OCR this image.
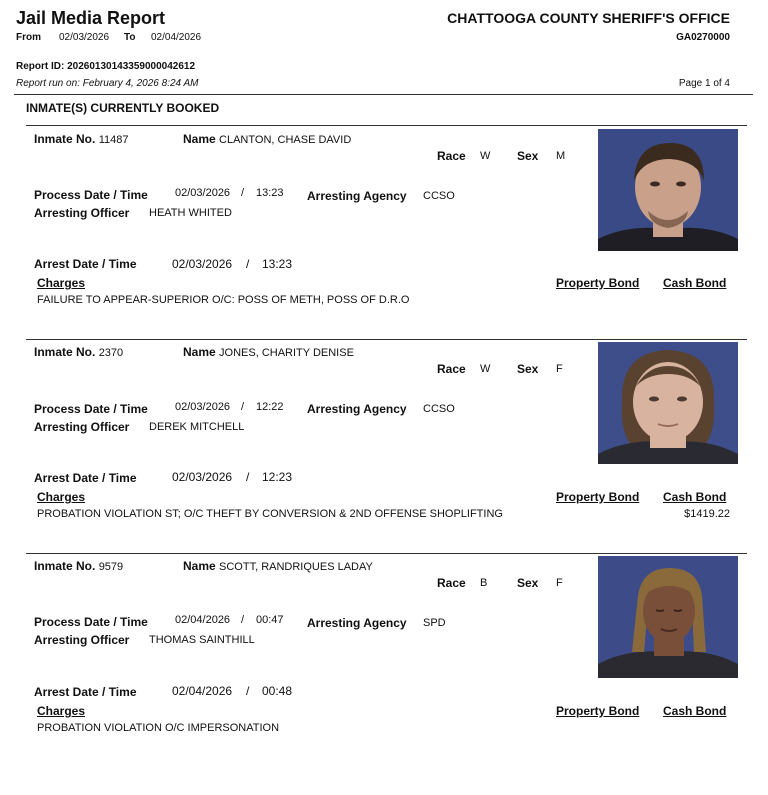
Jail Media Report	CHATTOOGA COUNTY SHERIFF'S OFFICE
From 02/03/2026 To 02/04/2026	GA0270000
Report ID: 20260130143359000042612
Report run on: February 4, 2026 8:24 AM	Page 1 of 4
INMATE(S) CURRENTLY BOOKED
Inmate No. 11487	Name CLANTON, CHASE DAVID
Race W Sex M
Process Date / Time 02/03/2026 / 13:23 Arresting Agency CCSO
Arresting Officer HEATH WHITED
Arrest Date / Time	02/03/2026 / 13:23
Charges	Property Bond Cash Bond
FAILURE TO APPEAR-SUPERIOR O/C: POSS OF METH, POSS OF D.R.O
Inmate No. 2370	Name JONES, CHARITY DENISE
Race W Sex F
Process Date / Time 02/03/2026 / 12:22 Arresting Agency CCSO
Arresting Officer DEREK MITCHELL
Arrest Date / Time	02/03/2026 / 12:23
Charges	Property Bond Cash Bond
PROBATION VIOLATION ST; O/C THEFT BY CONVERSION & 2ND OFFENSE SHOPLIFTING	$1419.22
Inmate No. 9579	Name SCOTT, RANDRIQUES LADAY
Race B Sex F
Process Date / Time 02/04/2026 / 00:47 Arresting Agency SPD
Arresting Officer THOMAS SAINTHILL
Arrest Date / Time	02/04/2026 / 00:48
Charges	Property Bond Cash Bond
PROBATION VIOLATION O/C IMPERSONATION
